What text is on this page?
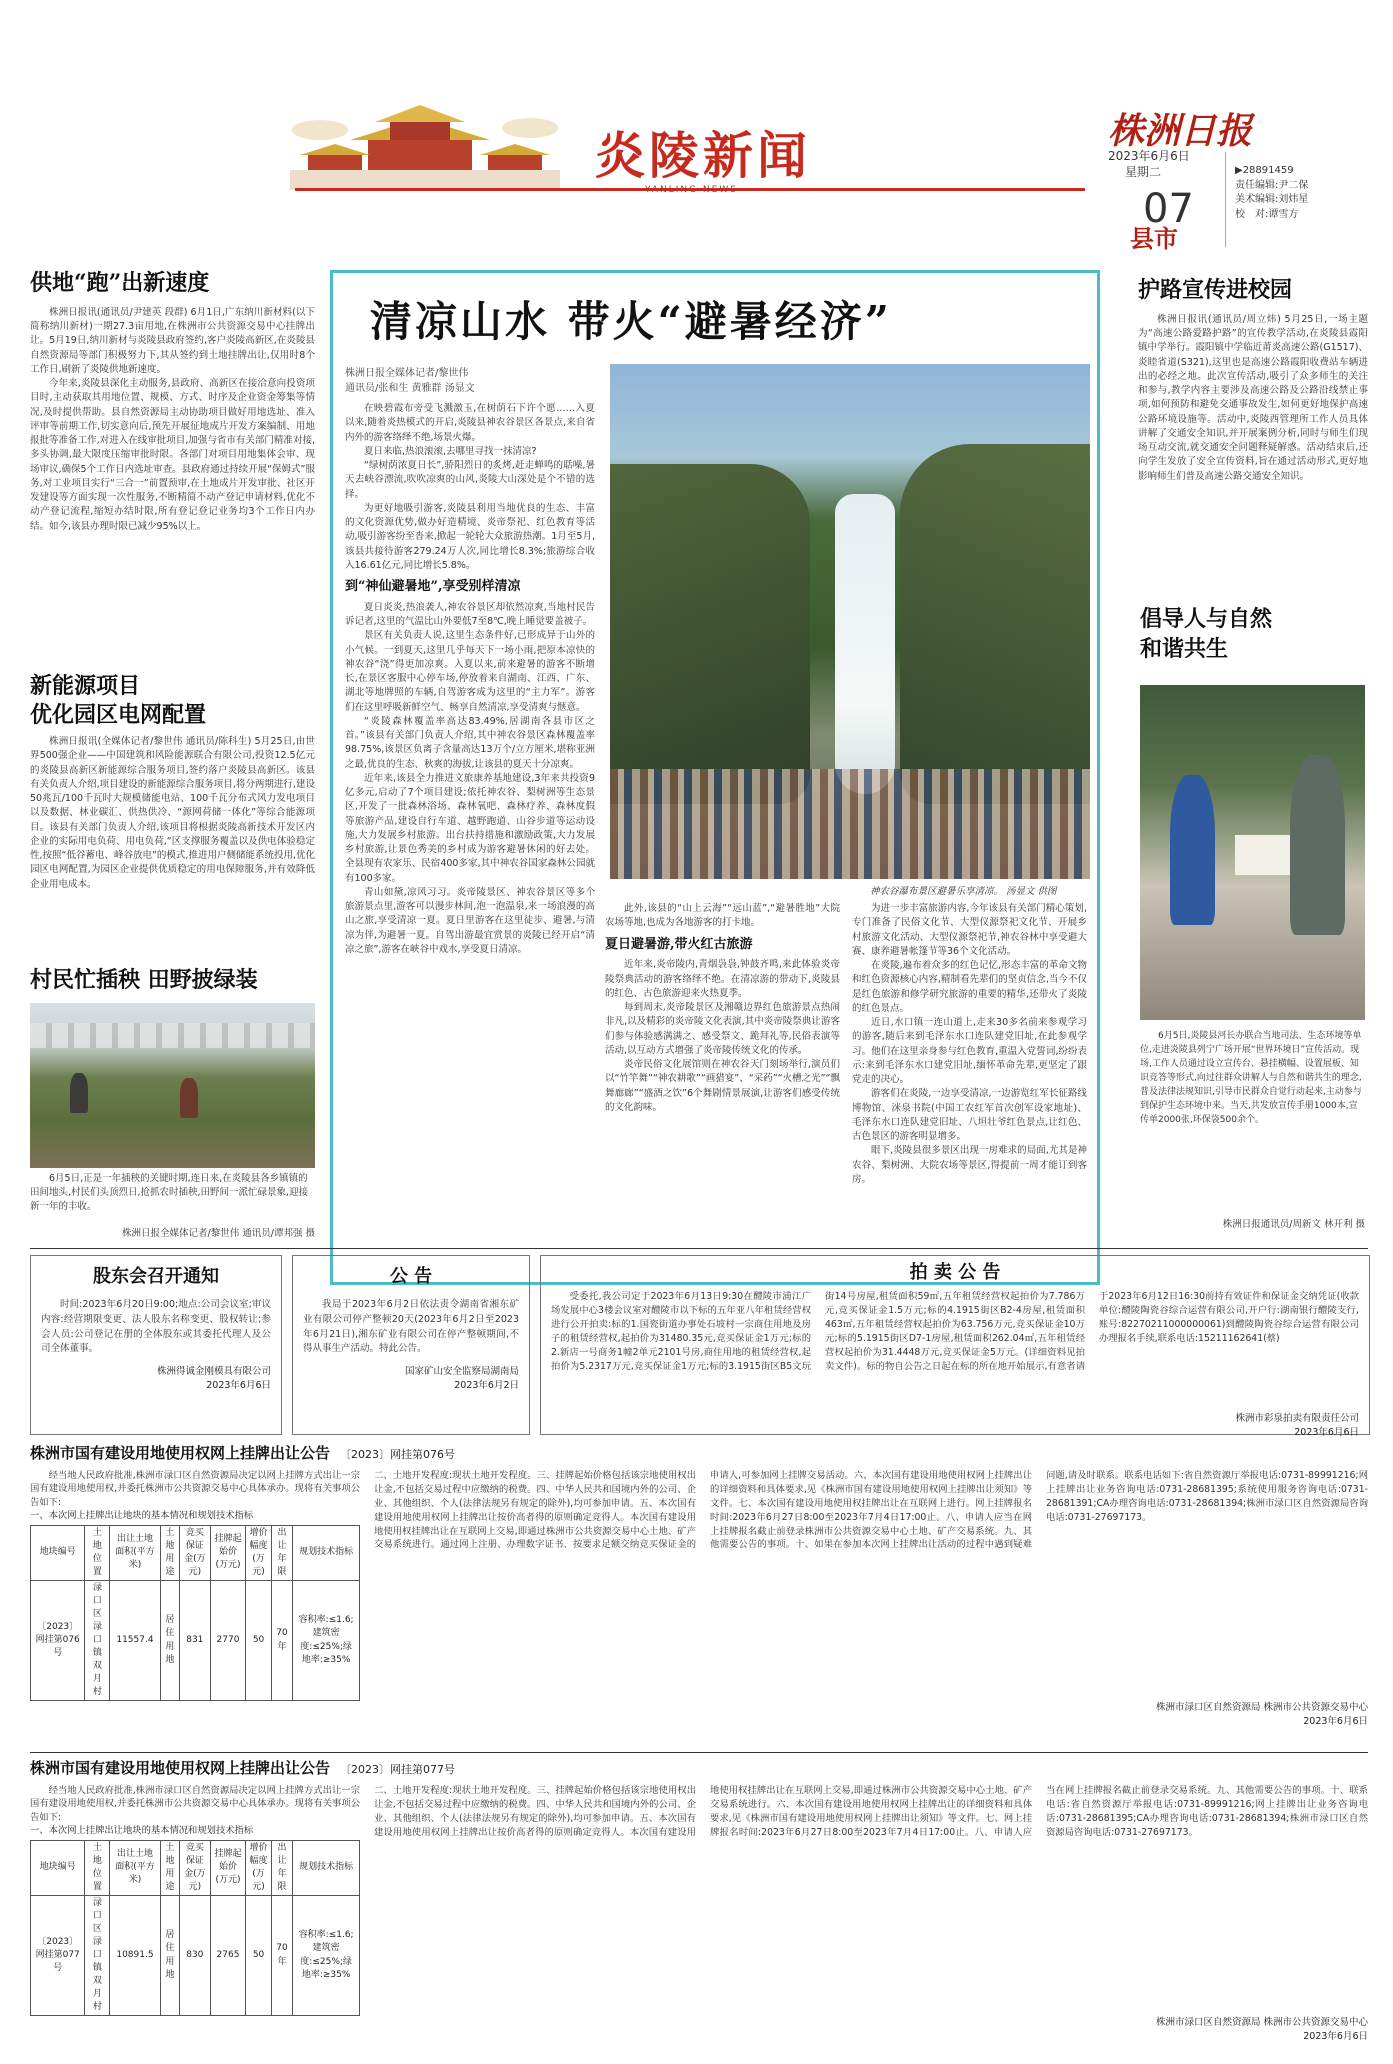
炎陵新闻	株洲日报
2023年6月6日
星期二
07
县市
▶28891459
责任编辑:尹二保
美术编辑:刘炜星
校　对:谭雪方
供地“跑”出新速度

株洲日报讯(通讯员/尹建英 段群) 6月1日,广东纳川新材料(以下简称纳川新材)一期27.3亩用地,在株洲市公共资源交易中心挂牌出让。5月19日,纳川新材与炎陵县政府签约,客户炎陵高新区,在炎陵县自然资源局等部门积极努力下,其从签约到土地挂牌出让,仅用时8个工作日,刷新了炎陵供地新速度。

今年来,炎陵县深化主动服务,县政府、高新区在接洽意向投资项目时,主动获取其用地位置、规模、方式、时序及企业资金筹集等情况,及时提供帮助。县自然资源局主动协助项目做好用地选址、准入评审等前期工作,切实意向后,预先开展征地成片开发方案编制、用地报批等准备工作,对进入在线审批项目,加强与省市有关部门精准对接,多头协调,最大限度压缩审批时限。各部门对项目用地集体会审、现场审议,确保5个工作日内选址审查。县政府通过持续开展“保姆式”服务,对工业项目实行“三合一”前置预审,在土地成片开发审批、社区开发建设等方面实现一次性服务,不断精简不动产登记申请材料,优化不动产登记流程,缩短办结时限,所有登记登记业务均3个工作日内办结。如今,该县办理时限已减少95%以上。

新能源项目
优化园区电网配置

株洲日报讯(全媒体记者/黎世伟 通讯员/陈科生) 5月25日,由世界500强企业——中国建筑和风险能源联合有限公司,投资12.5亿元的炎陵县高新区新能源综合服务项目,签约落户炎陵县高新区。该县有关负责人介绍,项目建设的新能源综合服务项目,将分两期进行,建设50兆瓦/100千瓦时大规模储能电站、100千瓦分布式风力发电项目以及数据、林业碳汇、供热供冷、“源网荷储一体化”等综合能源项目。该县有关部门负责人介绍,该项目将根据炎陵高新技术开发区内企业的实际用电负荷、用电负荷,“区支撑服务覆盖以及供电体验稳定性,按照“低谷蓄电、峰谷放电”的模式,推进用户侧储能系统投用,优化园区电网配置,为园区企业提供优质稳定的用电保障服务,并有效降低企业用电成本。

村民忙插秧 田野披绿装

6月5日,正是一年插秧的关键时期,连日来,在炎陵县各乡镇镇的田间地头,村民们头顶烈日,抢抓农时插秧,田野间一派忙碌景象,迎接新一年的丰收。

株洲日报全媒体记者/黎世伟 通讯员/谭邦强 摄

清凉山水 带火“避暑经济”
株洲日报全媒体记者/黎世伟
通讯员/张和生 黄雅群 汤显文

在映碧霞布旁受飞溅激玉,在树荫石下许个愿……入夏以来,随着炎热模式的开启,炎陵县神农谷景区各景点,来自省内外的游客络绎不绝,场景火爆。

夏日来临,热浪滚滚,去哪里寻找一抹清凉?

“绿树荫浓夏日长”,骄阳烈日的炙烤,赶走蝉鸣的聒噪,暑天去峡谷漂流,吹吹凉爽的山风,炎陵大山深处是个不错的选择。

为更好地吸引游客,炎陵县利用当地优良的生态、丰富的文化资源优势,做办好造精境、炎帝祭祀、红色教育等活动,吸引游客纷至沓来,掀起一轮轮大众旅游热潮。1月至5月,该县共接待游客279.24万人次,同比增长8.3%;旅游综合收入16.61亿元,同比增长5.8%。

到“神仙避暑地”,享受别样清凉

夏日炎炎,热浪袭人,神农谷景区却依然凉爽,当地村民告诉记者,这里的气温比山外要低7至8℃,晚上睡觉要盖被子。

景区有关负责人说,这里生态条件好,已形成异于山外的小气候。一到夏天,这里几乎每天下一场小雨,把原本凉快的神农谷“浇”得更加凉爽。入夏以来,前来避暑的游客不断增长,在景区客服中心停车场,停放着来自湖南、江西、广东、湖北等地牌照的车辆,自驾游客成为这里的“主力军”。游客们在这里呼吸新鲜空气、畅享自然清凉,享受清爽与惬意。

“炎陵森林覆盖率高达83.49%,居湖南各县市区之首。”该县有关部门负责人介绍,其中神农谷景区森林覆盖率98.75%,该景区负离子含量高达13万个/立方厘米,堪称亚洲之最,优良的生态、秋爽的海拔,让该县的夏天十分凉爽。

近年来,该县全力推进文旅康养基地建设,3年来共投资9亿多元,启动了7个项目建设;依托神农谷、梨树洲等生态景区,开发了一批森林浴场、森林氧吧、森林疗养、森林度假等旅游产品,建设自行车道、越野跑道、山谷步道等运动设施,大力发展乡村旅游。出台扶持措施和激励政策,大力发展乡村旅游,让景色秀美的乡村成为游客避暑休闲的好去处。全县现有农家乐、民宿400多家,其中神农谷国家森林公园就有100多家。

青山如黛,凉风习习。炎帝陵景区、神农谷景区等多个旅游景点里,游客可以漫步林间,泡一泡温泉,来一场浪漫的高山之旅,享受清凉一夏。夏日里游客在这里徒步、避暑,与清凉为伴,为避暑一夏。自驾出游最宜赏景的炎陵已经开启“清凉之旅”,游客在峡谷中戏水,享受夏日清凉。

神农谷瀑布景区避暑乐享清凉。 汤显文 供图

此外,该县的“山上云海”“远山蓝”,“避暑胜地”大院农场等地,也成为各地游客的打卡地。

夏日避暑游,带火红古旅游

近年来,炎帝陵内,青烟袅袅,钟鼓齐鸣,来此体验炎帝陵祭典活动的游客络绎不绝。在清凉游的带动下,炎陵县的红色、古色旅游迎来火热夏季。

每到周末,炎帝陵景区及湘赣边界红色旅游景点热闹非凡,以及精彩的炎帝陵文化表演,其中炎帝陵祭典让游客们参与体验感满满之、感受祭文、跪拜礼等,民俗表演等活动,以互动方式增强了炎帝陵传统文化的传承。

炎帝民俗文化展馆则在神农谷天门刻场举行,演员们以“竹竿舞”“神农耕歌”“画猎宴”、“采药”“火槽之光”“飘舞廊廊”“盛酒之饮”6个舞剧情景展演,让游客们感受传统的文化韵味。

为进一步丰富旅游内容,今年该县有关部门精心策划,专门准备了民俗文化节、大型仪源祭祀文化节、开展乡村旅游文化活动、大型仪源祭祀节,神农谷林中享受避大赛、康养避暑帐篷节等36个文化活动。

在炎陵,遍布着众多的红色记忆,形态丰富的革命文物和红色资源核心内容,精制看先辈们的坚贞信念,当今不仅是红色旅游和修学研究旅游的重要的精华,还带火了炎陵的红色景点。

近日,水口镇一连山道上,走来30多名前来参观学习的游客,随后来到毛泽东水口连队建党旧址,在此参观学习。他们在这里亲身参与红色教育,重温入党誓词,纷纷表示:来到毛泽东水口建党旧址,缅怀革命先辈,更坚定了跟党走的决心。

游客们在炎陵,一边享受清凉,一边游览红军长征路线博物馆、洣泉书院(中国工农红军首次创军设家地址)、毛泽东水口连队建党旧址、八坦壮爷红色景点,让红色、古色景区的游客明显增多。

眼下,炎陵县很多景区出现一房难求的局面,尤其是神农谷、梨树洲、大院农场等景区,得提前一周才能订到客房。

护路宣传进校园

株洲日报讯(通讯员/周立炜) 5月25日,一场主题为“高速公路爱路护路”的宣传教学活动,在炎陵县霞阳镇中学举行。霞阳镇中学临近莆炎高速公路(G1517)、炎睦省道(S321),这里也是高速公路霞阳收费站车辆进出的必经之地。此次宣传活动,吸引了众多师生的关注和参与,教学内容主要涉及高速公路及公路沿线禁止事项,如何预防和避免交通事故发生,如何更好地保护高速公路环境设施等。活动中,炎陵西管理所工作人员具体讲解了交通安全知识,并开展案例分析,同时与师生们现场互动交流,就交通安全问题释疑解惑。活动结束后,还向学生发放了安全宣传资料,旨在通过活动形式,更好地影响师生们普及高速公路交通安全知识。

倡导人与自然
和谐共生

6月5日,炎陵县河长办联合当地司法、生态环境等单位,走进炎陵县列宁广场开展“世界环境日”宣传活动。现场,工作人员通过设立宣传台、悬挂横幅、设置展板、知识竞答等形式,向过往群众讲解人与自然和谐共生的理念,普及法律法规知识,引导市民群众自觉行动起来,主动参与到保护生态环境中来。当天,共发放宣传手册1000本,宣传单2000张,环保袋500余个。

株洲日报通讯员/周新文 林开利 摄

股东会召开通知

时间:2023年6月20日9:00;地点:公司会议室;审议内容:经营期限变更、法人股东名称变更、股权转让;参会人员:公司登记在册的全体股东或其委托代理人及公司全体董事。

株洲得诚金刚模具有限公司

2023年6月6日

公 告

我局于2023年6月2日依法责令湖南省湘东矿业有限公司停产整顿20天(2023年6月2日至2023年6月21日),湘东矿业有限公司在停产整顿期间,不得从事生产活动。特此公告。

国家矿山安全监察局湖南局

2023年6月2日

拍 卖 公 告

受委托,我公司定于2023年6月13日9:30在醴陵市浦江广场发展中心3楼会议室对醴陵市以下标的五年亚八年租赁经营权进行公开拍卖:标的1.国瓷街道办事处石坡村一宗商住用地及房子的租赁经营权,起拍价为31480.35元,竞买保证金1万元;标的2.新店一号商务1幢2单元2101号房,商住用地的租赁经营权,起拍价为5.2317万元,竞买保证金1万元;标的3.1915街区B5文玩街14号房屋,租赁面积59㎡,五年租赁经营权起拍价为7.786万元,竞买保证金1.5万元;标的4.1915街区B2-4房屋,租赁面积463㎡,五年租赁经营权起拍价为63.756万元,竞买保证金10万元;标的5.1915街区D7-1房屋,租赁面积262.04㎡,五年租赁经营权起拍价为31.4448万元,竞买保证金5万元。(详细资料见拍卖文件)。标的物自公告之日起在标的所在地开始展示,有意者请于2023年6月12日16:30前持有效证件和保证金交纳凭证(收款单位:醴陵陶瓷谷综合运营有限公司,开户行:湖南银行醴陵支行,账号:82270211000000061)到醴陵陶瓷谷综合运营有限公司办理报名手续,联系电话:15211162641(蔡)

株洲市彩泉拍卖有限责任公司

2023年6月6日

株洲市国有建设用地使用权网上挂牌出让公告 〔2023〕网挂第076号

经当地人民政府批准,株洲市渌口区自然资源局决定以网上挂牌方式出让一宗国有建设用地使用权,并委托株洲市公共资源交易中心具体承办。现将有关事项公告如下:

一、本次网上挂牌出让地块的基本情况和规划技术指标

地块编号	土地位置	出让土地面积(平方米)	土地用途	竞买保证金(万元)	挂牌起始价(万元)	增价幅度(万元)	出让年限	规划技术指标
〔2023〕网挂第076号	渌口区渌口镇双月村	11557.4	居住用地	831	2770	50	70年	容积率:≤1.6;建筑密度:≤25%;绿地率:≥35%

二、土地开发程度:现状土地开发程度。三、挂牌起始价格包括该宗地使用权出让金,不包括交易过程中应缴纳的税费。四、中华人民共和国境内外的公司、企业、其他组织、个人(法律法规另有规定的除外),均可参加申请。五、本次国有建设用地使用权网上挂牌出让按价高者得的原则确定竞得人。本次国有建设用地使用权挂牌出让在互联网上交易,即通过株洲市公共资源交易中心土地、矿产交易系统进行。通过网上注册、办理数字证书、按要求足额交纳竞买保证金的申请人,可参加网上挂牌交易活动。六、本次国有建设用地使用权网上挂牌出让的详细资料和具体要求,见《株洲市国有建设用地使用权网上挂牌出让须知》等文件。七、本次国有建设用地使用权挂牌出让在互联网上进行。网上挂牌报名时间:2023年6月27日8:00至2023年7月4日17:00止。八、申请人应当在网上挂牌报名截止前登录株洲市公共资源交易中心土地、矿产交易系统。九、其他需要公告的事项。十、如果在参加本次网上挂牌出让活动的过程中遇到疑难问题,请及时联系。联系电话如下:省自然资源厅举报电话:0731-89991216;网上挂牌出让业务咨询电话:0731-28681395;系统使用服务咨询电话:0731-28681391;CA办理咨询电话:0731-28681394;株洲市渌口区自然资源局咨询电话:0731-27697173。

株洲市渌口区自然资源局 株洲市公共资源交易中心

2023年6月6日

株洲市国有建设用地使用权网上挂牌出让公告 〔2023〕网挂第077号

经当地人民政府批准,株洲市渌口区自然资源局决定以网上挂牌方式出让一宗国有建设用地使用权,并委托株洲市公共资源交易中心具体承办。现将有关事项公告如下:

一、本次网上挂牌出让地块的基本情况和规划技术指标

地块编号	土地位置	出让土地面积(平方米)	土地用途	竞买保证金(万元)	挂牌起始价(万元)	增价幅度(万元)	出让年限	规划技术指标
〔2023〕网挂第077号	渌口区渌口镇双月村	10891.5	居住用地	830	2765	50	70年	容积率:≤1.6;建筑密度:≤25%;绿地率:≥35%

二、土地开发程度:现状土地开发程度。三、挂牌起始价格包括该宗地使用权出让金,不包括交易过程中应缴纳的税费。四、中华人民共和国境内外的公司、企业、其他组织、个人(法律法规另有规定的除外),均可参加申请。五、本次国有建设用地使用权网上挂牌出让按价高者得的原则确定竞得人。本次国有建设用地使用权挂牌出让在互联网上交易,即通过株洲市公共资源交易中心土地、矿产交易系统进行。六、本次国有建设用地使用权网上挂牌出让的详细资料和具体要求,见《株洲市国有建设用地使用权网上挂牌出让须知》等文件。七、网上挂牌报名时间:2023年6月27日8:00至2023年7月4日17:00止。八、申请人应当在网上挂牌报名截止前登录交易系统。九、其他需要公告的事项。十、联系电话:省自然资源厅举报电话:0731-89991216;网上挂牌出让业务咨询电话:0731-28681395;CA办理咨询电话:0731-28681394;株洲市渌口区自然资源局咨询电话:0731-27697173。

株洲市渌口区自然资源局 株洲市公共资源交易中心

2023年6月6日
